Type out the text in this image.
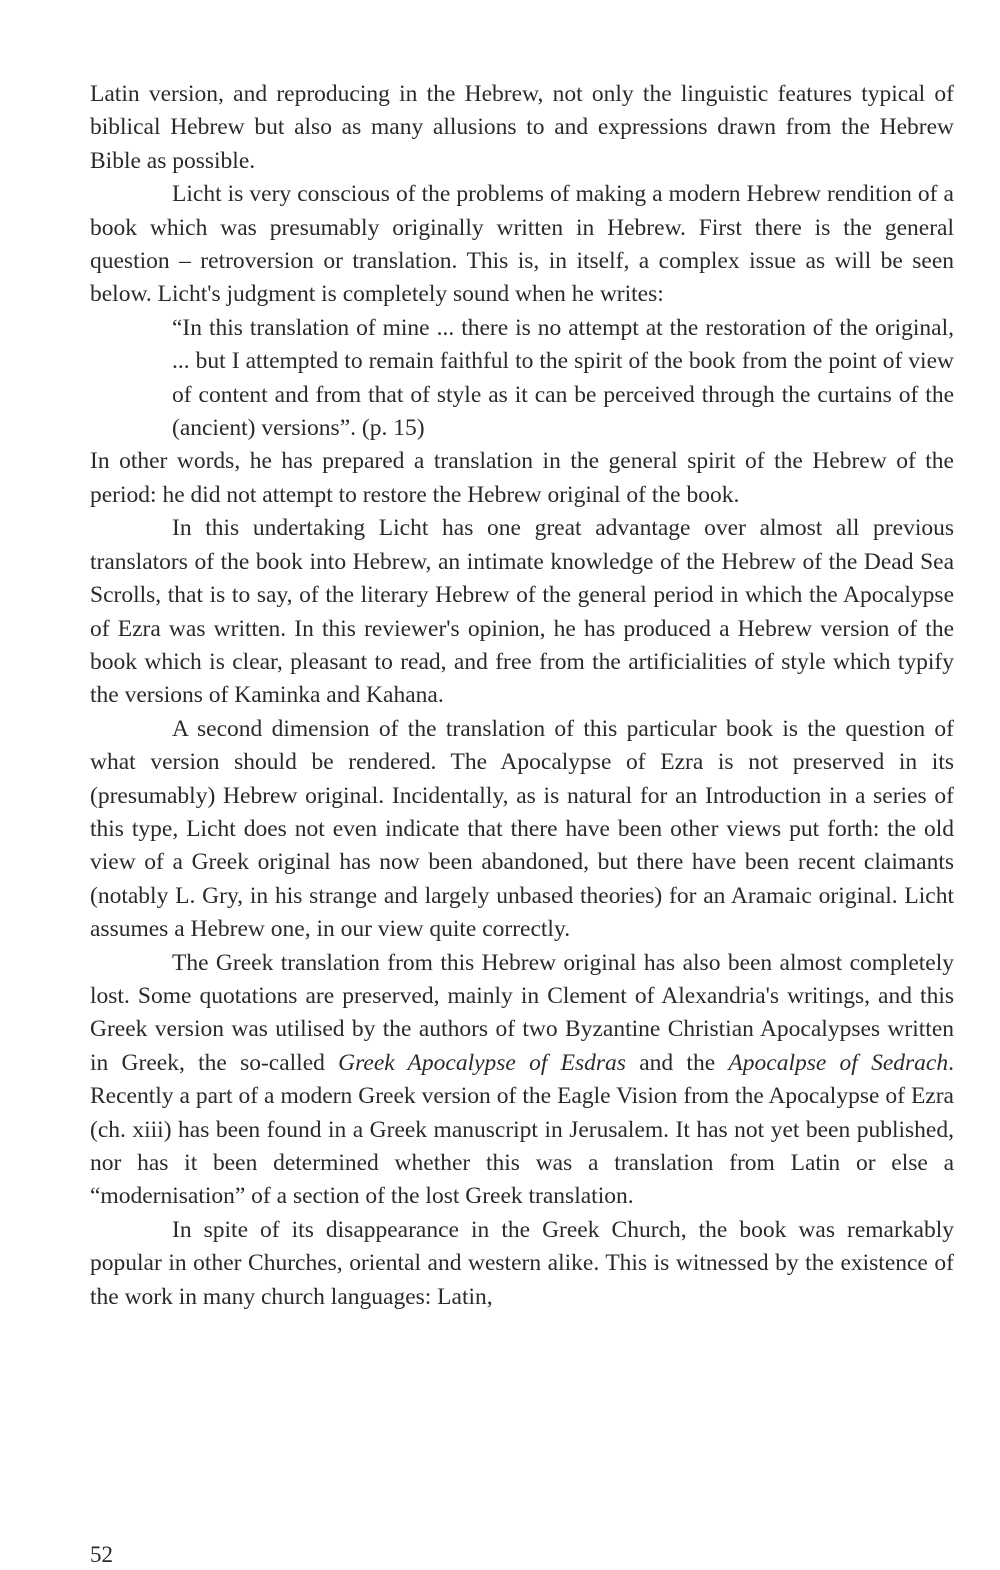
Latin version, and reproducing in the Hebrew, not only the linguistic features typical of biblical Hebrew but also as many allusions to and expressions drawn from the Hebrew Bible as possible.

Licht is very conscious of the problems of making a modern Hebrew rendition of a book which was presumably originally written in Hebrew. First there is the general question – retroversion or translation. This is, in itself, a complex issue as will be seen below. Licht's judgment is completely sound when he writes:

“In this translation of mine ... there is no attempt at the restoration of the original, ... but I attempted to remain faithful to the spirit of the book from the point of view of content and from that of style as it can be perceived through the curtains of the (ancient) versions”. (p. 15)

In other words, he has prepared a translation in the general spirit of the Hebrew of the period: he did not attempt to restore the Hebrew original of the book.

In this undertaking Licht has one great advantage over almost all previous translators of the book into Hebrew, an intimate knowledge of the Hebrew of the Dead Sea Scrolls, that is to say, of the literary Hebrew of the general period in which the Apocalypse of Ezra was written. In this reviewer's opinion, he has produced a Hebrew version of the book which is clear, pleasant to read, and free from the artificialities of style which typify the versions of Kaminka and Kahana.

A second dimension of the translation of this particular book is the question of what version should be rendered. The Apocalypse of Ezra is not preserved in its (presumably) Hebrew original. Incidentally, as is natural for an Introduction in a series of this type, Licht does not even indicate that there have been other views put forth: the old view of a Greek original has now been abandoned, but there have been recent claimants (notably L. Gry, in his strange and largely unbased theories) for an Aramaic original. Licht assumes a Hebrew one, in our view quite correctly.

The Greek translation from this Hebrew original has also been almost completely lost. Some quotations are preserved, mainly in Clement of Alexandria's writings, and this Greek version was utilised by the authors of two Byzantine Christian Apocalypses written in Greek, the so-called Greek Apocalypse of Esdras and the Apocalpse of Sedrach. Recently a part of a modern Greek version of the Eagle Vision from the Apocalypse of Ezra (ch. xiii) has been found in a Greek manuscript in Jerusalem. It has not yet been published, nor has it been determined whether this was a translation from Latin or else a “modernisation” of a section of the lost Greek translation.

In spite of its disappearance in the Greek Church, the book was remarkably popular in other Churches, oriental and western alike. This is witnessed by the existence of the work in many church languages: Latin,

52
